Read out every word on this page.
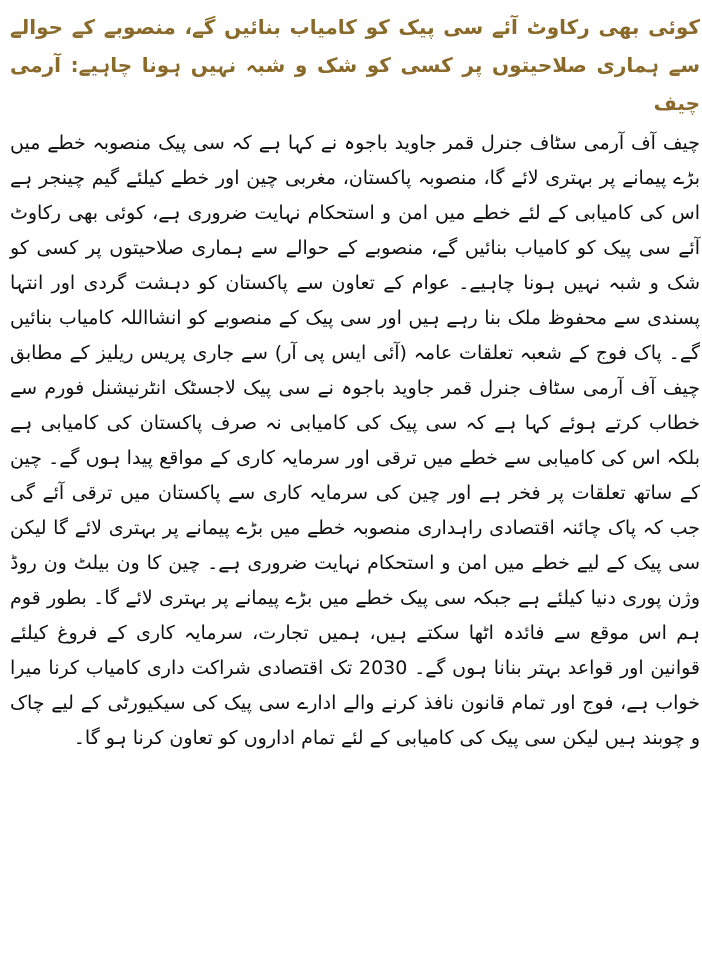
کوئی بھی رکاوٹ آئے سی پیک کو کامیاب بنائیں گے، منصوبے کے حوالے سے ہماری صلاحیتوں پر کسی کو شک و شبہ نہیں ہونا چاہیے: آرمی چیف

چیف آف آرمی سٹاف جنرل قمر جاوید باجوہ نے کہا ہے کہ سی پیک منصوبہ خطے میں بڑے پیمانے پر بہتری لائے گا، منصوبہ پاکستان، مغربی چین اور خطے کیلئے گیم چینجر ہے اس کی کامیابی کے لئے خطے میں امن و استحکام نہایت ضروری ہے، کوئی بھی رکاوٹ آئے سی پیک کو کامیاب بنائیں گے، منصوبے کے حوالے سے ہماری صلاحیتوں پر کسی کو شک و شبہ نہیں ہونا چاہیے۔ عوام کے تعاون سے پاکستان کو دہشت گردی اور انتہا پسندی سے محفوظ ملک بنا رہے ہیں اور سی پیک کے منصوبے کو انشااللہ کامیاب بنائیں گے۔ پاک فوج کے شعبہ تعلقات عامہ (آئی ایس پی آر) سے جاری پریس ریلیز کے مطابق چیف آف آرمی سٹاف جنرل قمر جاوید باجوہ نے سی پیک لاجسٹک انٹرنیشنل فورم سے خطاب کرتے ہوئے کہا ہے کہ سی پیک کی کامیابی نہ صرف پاکستان کی کامیابی ہے بلکہ اس کی کامیابی سے خطے میں ترقی اور سرمایہ کاری کے مواقع پیدا ہوں گے۔ چین کے ساتھ تعلقات پر فخر ہے اور چین کی سرمایہ کاری سے پاکستان میں ترقی آئے گی جب کہ پاک چائنہ اقتصادی راہداری منصوبہ خطے میں بڑے پیمانے پر بہتری لائے گا لیکن سی پیک کے لیے خطے میں امن و استحکام نہایت ضروری ہے۔ چین کا ون بیلٹ ون روڈ وژن پوری دنیا کیلئے ہے جبکہ سی پیک خطے میں بڑے پیمانے پر بہتری لائے گا۔ بطور قوم ہم اس موقع سے فائدہ اٹھا سکتے ہیں، ہمیں تجارت، سرمایہ کاری کے فروغ کیلئے قوانین اور قواعد بہتر بنانا ہوں گے۔ 2030 تک اقتصادی شراکت داری کامیاب کرنا میرا خواب ہے، فوج اور تمام قانون نافذ کرنے والے ادارے سی پیک کی سیکیورٹی کے لیے چاک و چوبند ہیں لیکن سی پیک کی کامیابی کے لئے تمام اداروں کو تعاون کرنا ہو گا۔
